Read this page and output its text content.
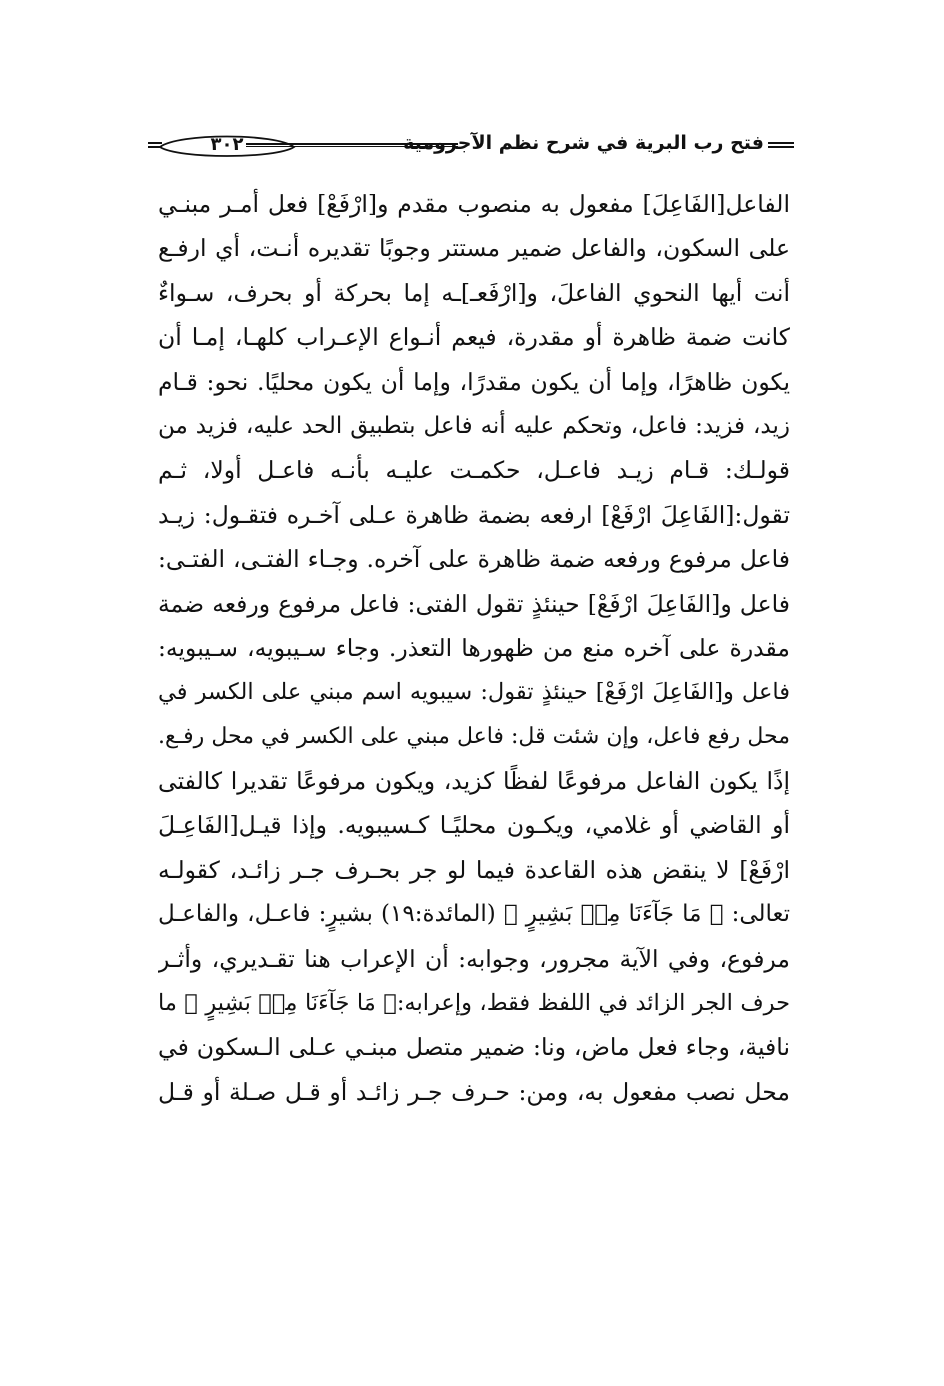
فتح رب البرية في شرح نظم الآجرومية
٣٠٢
الفاعل[الفَاعِلَ] مفعول به منصوب مقدم و[ارْفَعْ] فعل أمـر مبنـي
على السكون، والفاعل ضمير مستتر وجوبًا تقديره أنـت، أي ارفـع
أنت أيها النحوي الفاعلَ، و[ارْفَعـ]ـه إما بحركة أو بحرف، سـواءٌ
كانت ضمة ظاهرة أو مقدرة، فيعم أنـواع الإعـراب كلهـا، إمـا أن
يكون ظاهرًا، وإما أن يكون مقدرًا، وإما أن يكون محليًا. نحو: قـام
زيد، فزيد: فاعل، وتحكم عليه أنه فاعل بتطبيق الحد عليه، فزيد من
قولـك: قـام زيـد فاعـل، حكمـت عليـه بأنـه فاعـل أولا، ثـم
تقول:[الفَاعِلَ ارْفَعْ] ارفعه بضمة ظاهرة عـلى آخـره فتقـول: زيـد
فاعل مرفوع ورفعه ضمة ظاهرة على آخره. وجـاء الفتـى، الفتـى:
فاعل و[الفَاعِلَ ارْفَعْ] حينئذٍ تقول الفتى: فاعل مرفوع ورفعه ضمة
مقدرة على آخره منع من ظهورها التعذر. وجاء سـيبويه، سـيبويه:
فاعل و[الفَاعِلَ ارْفَعْ] حينئذٍ تقول: سيبويه اسم مبني على الكسر في
محل رفع فاعل، وإن شئت قل: فاعل مبني على الكسر في محل رفـع.
إذًا يكون الفاعل مرفوعًا لفظًا كزيد، ويكون مرفوعًا تقديرا كالفتى
أو القاضي أو غلامي، ويكـون محليًـا كـسيبويه. وإذا قيـل[الفَاعِـلَ
ارْفَعْ] لا ينقض هذه القاعدة فيما لو جر بحـرف جـر زائـد، كقولـه
تعالى: ﴿ مَا جَآءَنَا مِنۢ بَشِيرٍ ﴾ (المائدة:١٩) بشيرٍ: فاعـل، والفاعـل
مرفوع، وفي الآية مجرور، وجوابه: أن الإعراب هنا تقـديري، وأثـر
حرف الجر الزائد في اللفظ فقط، وإعرابه:﴿ مَا جَآءَنَا مِنۢ بَشِيرٍ ﴾ ما
نافية، وجاء فعل ماض، ونا: ضمير متصل مبنـي عـلى الـسكون في
محل نصب مفعول به، ومن: حـرف جـر زائـد أو قـل صـلة أو قـل
